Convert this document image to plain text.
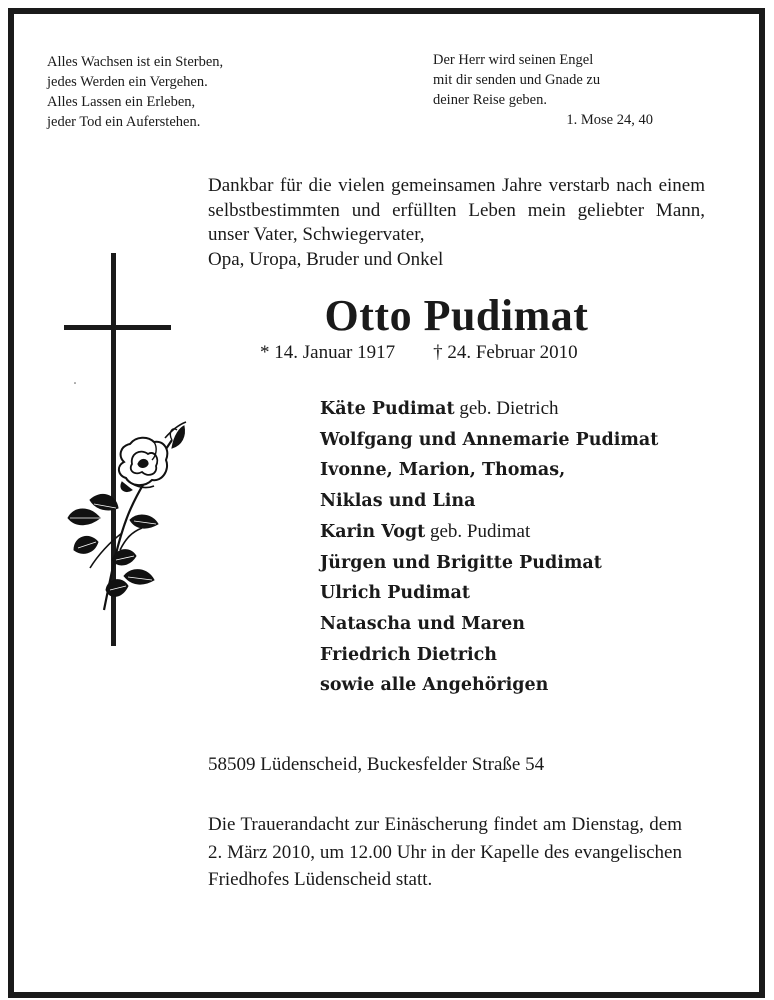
Alles Wachsen ist ein Sterben,
jedes Werden ein Vergehen.
Alles Lassen ein Erleben,
jeder Tod ein Auferstehen.
Der Herr wird seinen Engel
mit dir senden und Gnade zu
deiner Reise geben.
1. Mose 24, 40
Dankbar für die vielen gemeinsamen Jahre verstarb nach einem selbstbestimmten und erfüllten Leben mein geliebter Mann, unser Vater, Schwiegervater,
Opa, Uropa, Bruder und Onkel
Otto Pudimat
* 14. Januar 1917 † 24. Februar 2010
Käte Pudimat geb. Dietrich
Wolfgang und Annemarie Pudimat
Ivonne, Marion, Thomas,
Niklas und Lina
Karin Vogt geb. Pudimat
Jürgen und Brigitte Pudimat
Ulrich Pudimat
Natascha und Maren
Friedrich Dietrich
sowie alle Angehörigen
58509 Lüdenscheid, Buckesfelder Straße 54
Die Trauerandacht zur Einäscherung findet am Dienstag, dem 2. März 2010, um 12.00 Uhr in der Kapelle des evangelischen Friedhofes Lüdenscheid statt.
